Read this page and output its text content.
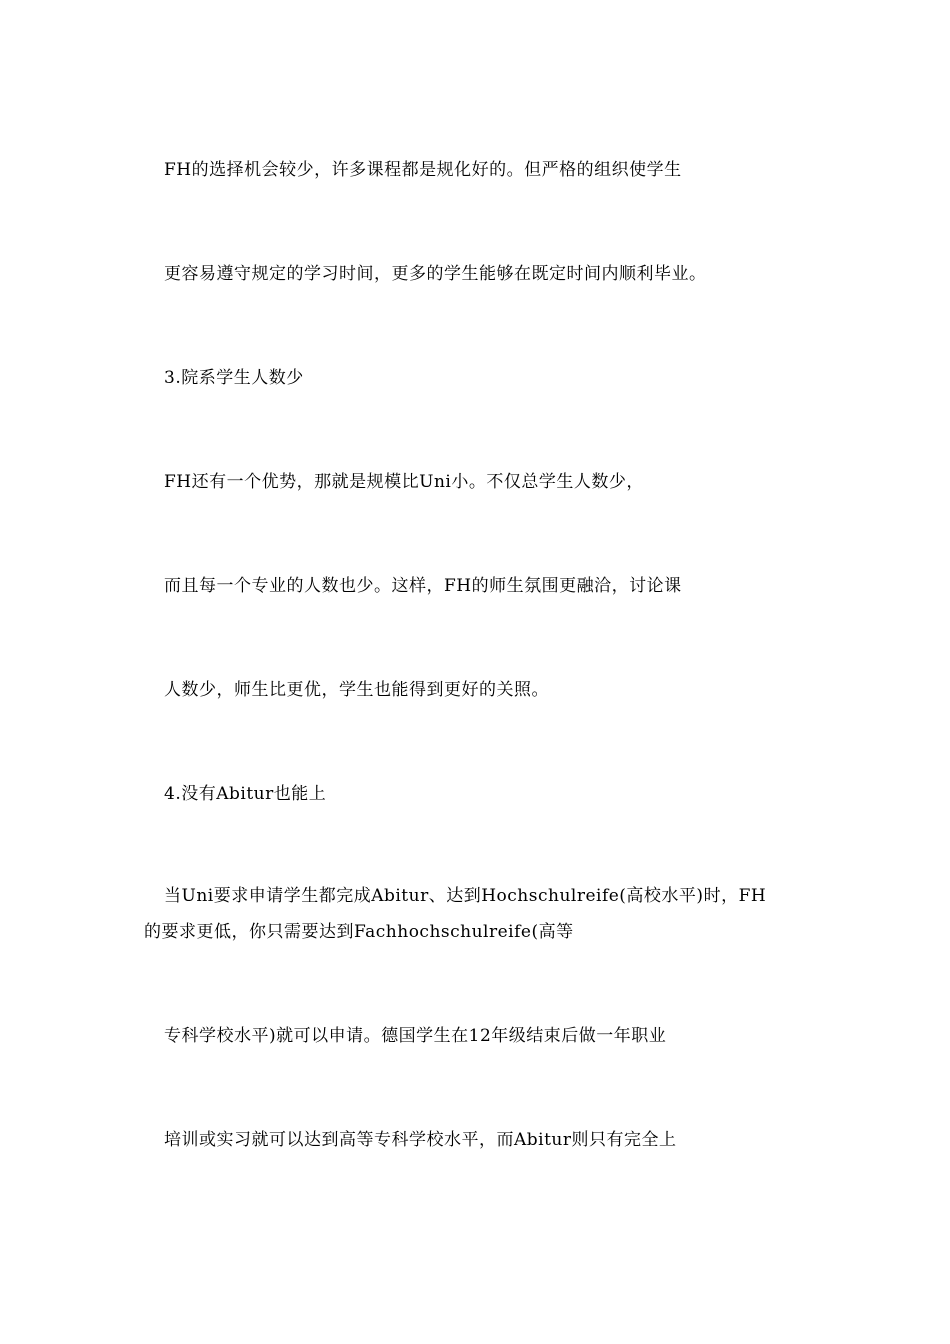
FH的选择机会较少，许多课程都是规化好的。但严格的组织使学生
更容易遵守规定的学习时间，更多的学生能够在既定时间内顺利毕业。
3.院系学生人数少
FH还有一个优势，那就是规模比Uni小。不仅总学生人数少，
而且每一个专业的人数也少。这样，FH的师生氛围更融洽，讨论课
人数少，师生比更优，学生也能得到更好的关照。
4.没有Abitur也能上
当Uni要求申请学生都完成Abitur、达到Hochschulreife(高校水平)时，FH
的要求更低，你只需要达到Fachhochschulreife(高等
专科学校水平)就可以申请。德国学生在12年级结束后做一年职业
培训或实习就可以达到高等专科学校水平，而Abitur则只有完全上
